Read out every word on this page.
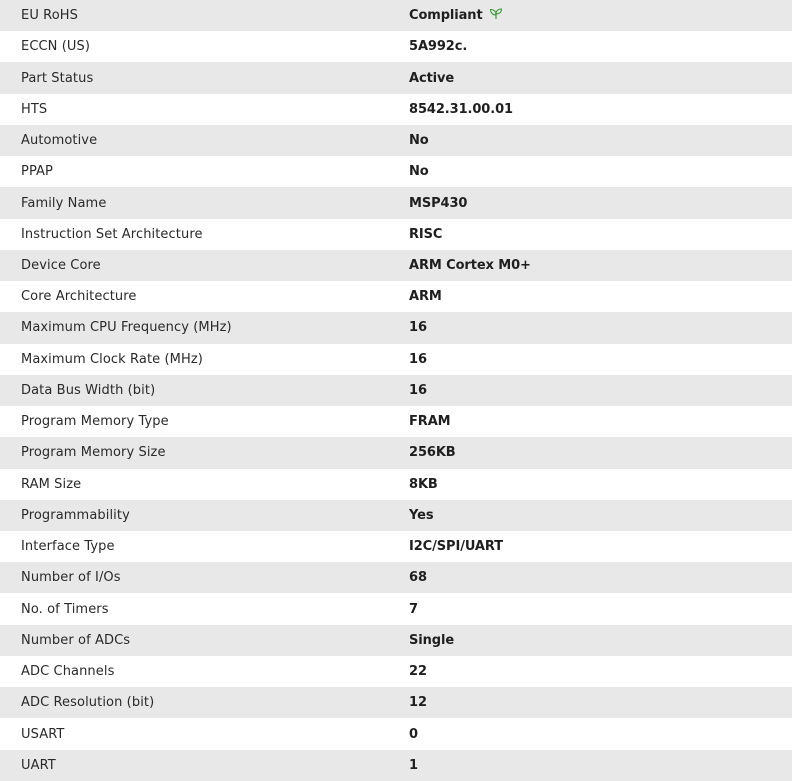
EU RoHS	Compliant
ECCN (US)	5A992c.
Part Status	Active
HTS	8542.31.00.01
Automotive	No
PPAP	No
Family Name	MSP430
Instruction Set Architecture	RISC
Device Core	ARM Cortex M0+
Core Architecture	ARM
Maximum CPU Frequency (MHz)	16
Maximum Clock Rate (MHz)	16
Data Bus Width (bit)	16
Program Memory Type	FRAM
Program Memory Size	256KB
RAM Size	8KB
Programmability	Yes
Interface Type	I2C/SPI/UART
Number of I/Os	68
No. of Timers	7
Number of ADCs	Single
ADC Channels	22
ADC Resolution (bit)	12
USART	0
UART	1
